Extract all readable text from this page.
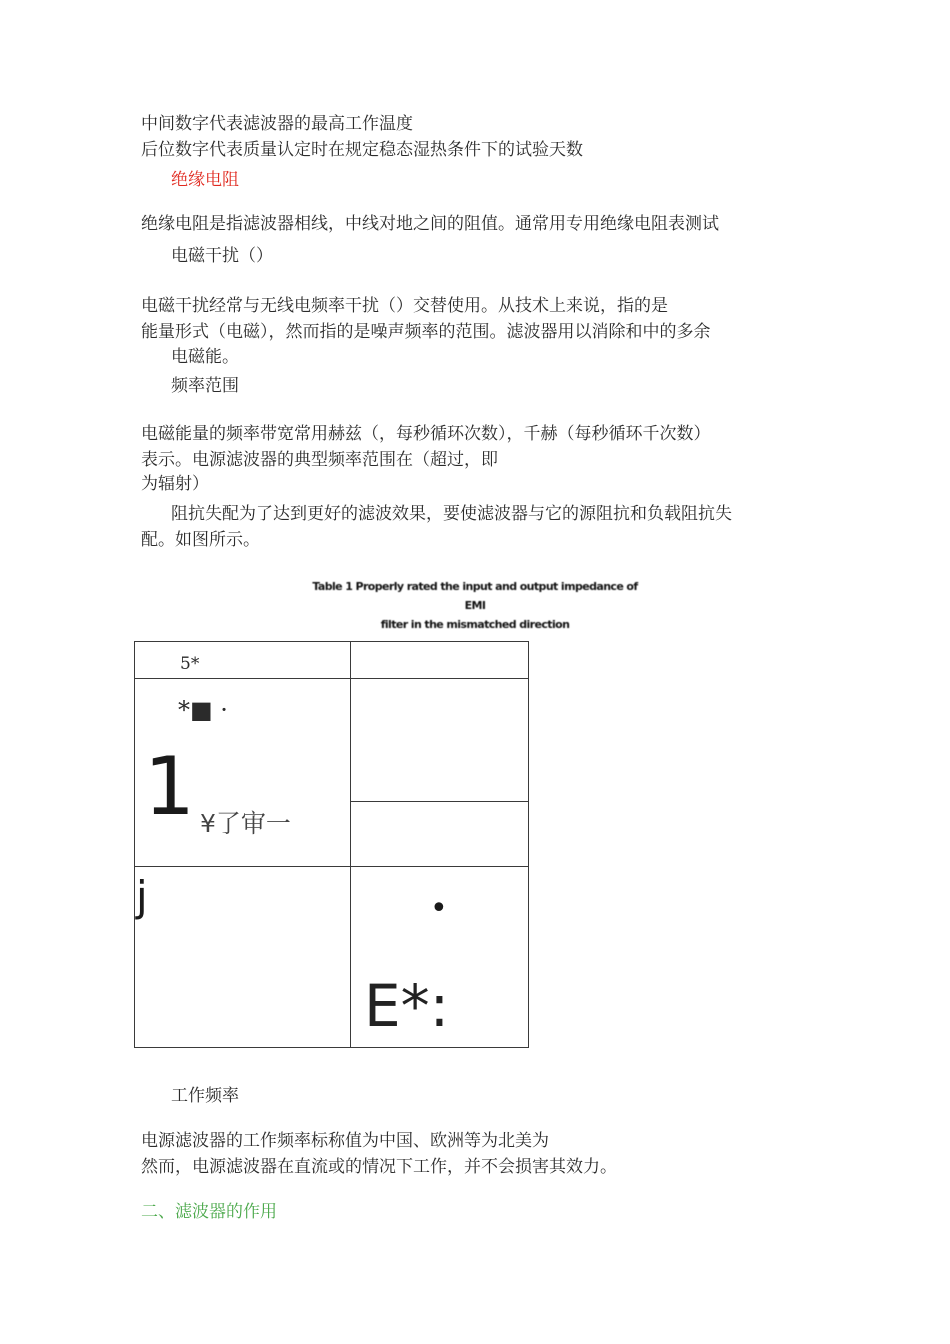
中间数字代表滤波器的最高工作温度
后位数字代表质量认定时在规定稳态湿热条件下的试验天数
绝缘电阻
绝缘电阻是指滤波器相线，中线对地之间的阻值。通常用专用绝缘电阻表测试
电磁干扰（）
电磁干扰经常与无线电频率干扰（）交替使用。从技术上来说，指的是
能量形式（电磁），然而指的是噪声频率的范围。滤波器用以消除和中的多余
电磁能。
频率范围
电磁能量的频率带宽常用赫兹（，每秒循环次数），千赫（每秒循环千次数）
表示。电源滤波器的典型频率范围在（超过，即
为辐射）
阻抗失配为了达到更好的滤波效果，要使滤波器与它的源阻抗和负载阻抗失
配。如图所示。
Table 1 Properly rated the input and output impedance of EMI
filter in the mismatched direction
5*
*■ ·
1 ¥了审一
j	•
E*:
工作频率
电源滤波器的工作频率标称值为中国、欧洲等为北美为
然而，电源滤波器在直流或的情况下工作，并不会损害其效力。
二、滤波器的作用
